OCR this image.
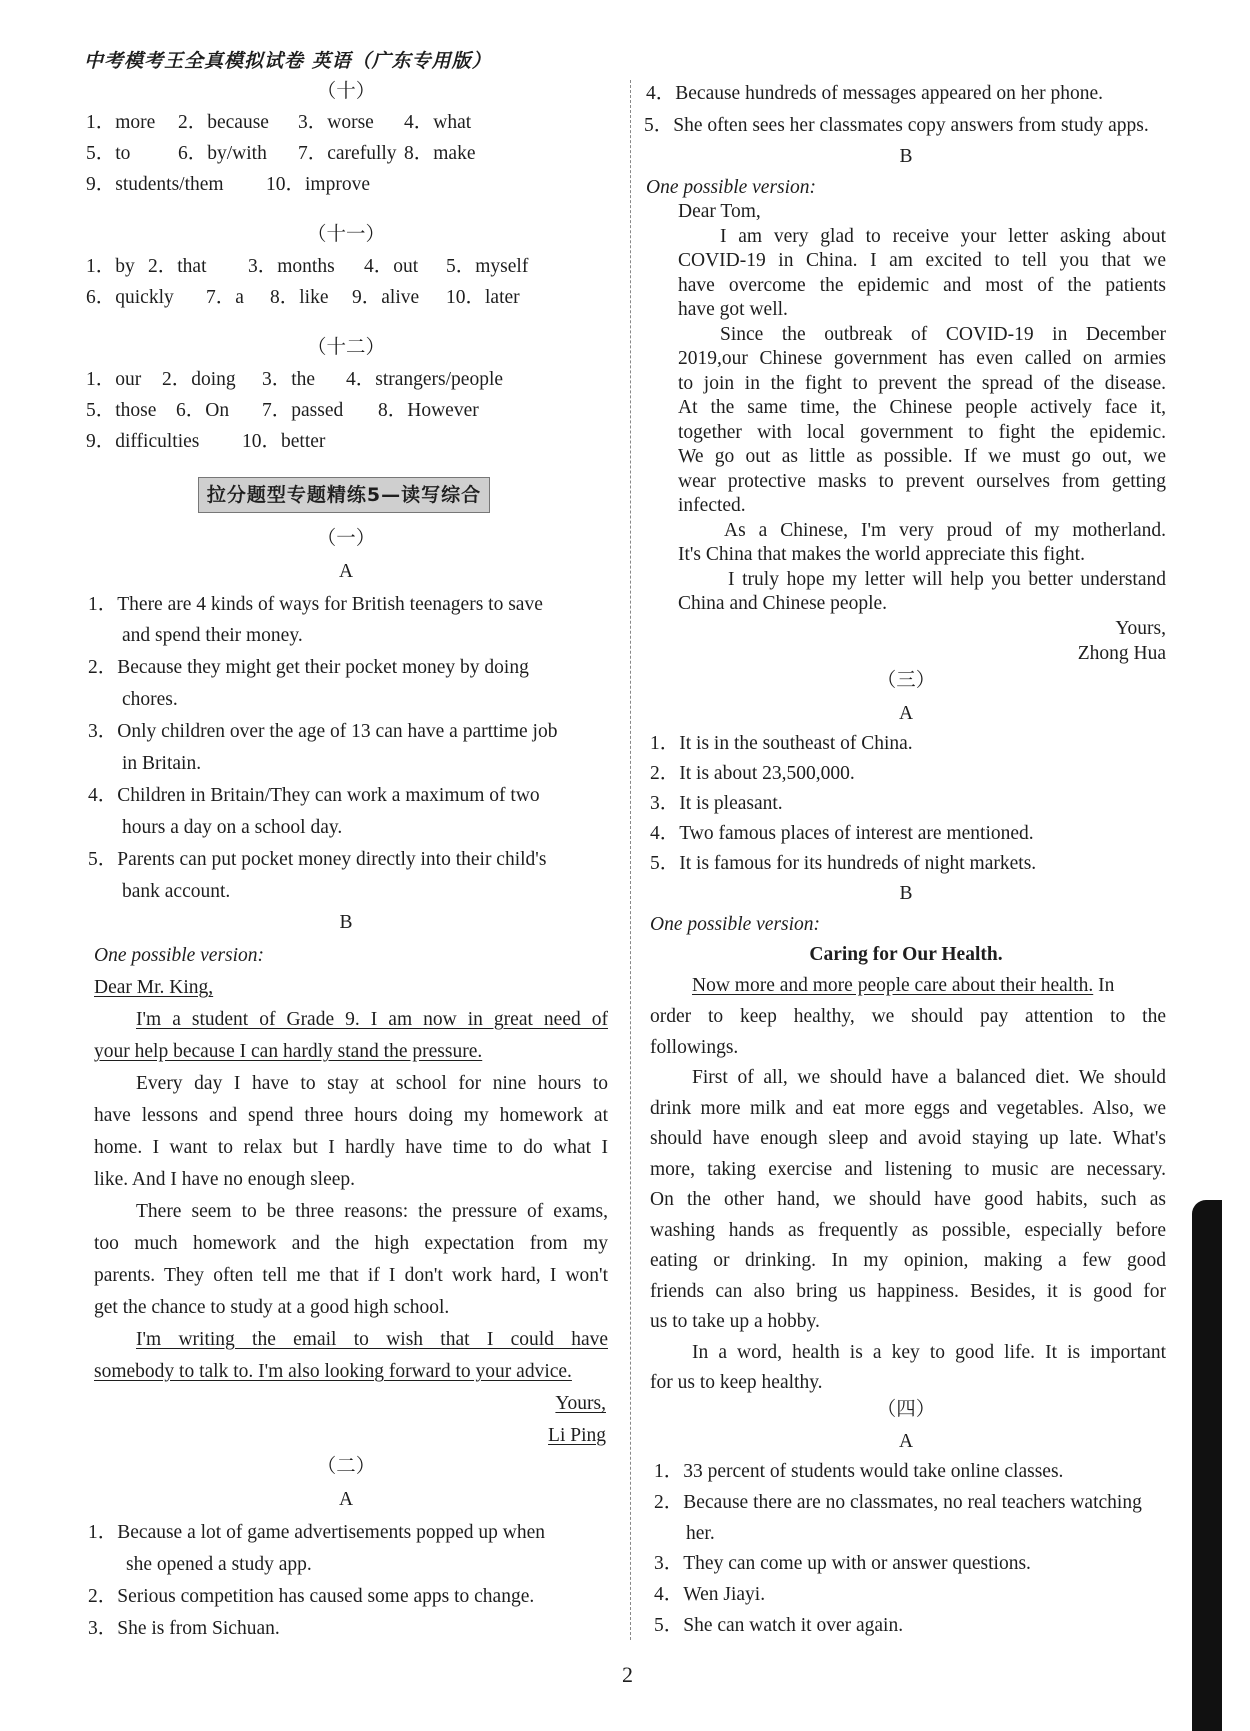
中考模考王全真模拟试卷 英语（广东专用版）
（十）
1．more 2．because 3．worse 4．what
5．to 6．by/with 7．carefully 8．make
9．students/them 10．improve
（十一）
1．by 2．that 3．months 4．out 5．myself
6．quickly 7．a 8．like 9．alive 10．later
（十二）
1．our 2．doing 3．the 4．strangers/people
5．those 6．On 7．passed 8．However
9．difficulties 10．better
拉分题型专题精练5—读写综合
（一）
A
1．There are 4 kinds of ways for British teenagers to save
and spend their money.
2．Because they might get their pocket money by doing
chores.
3．Only children over the age of 13 can have a parttime job
in Britain.
4．Children in Britain/They can work a maximum of two
hours a day on a school day.
5．Parents can put pocket money directly into their child's
bank account.
B
One possible version:
Dear Mr. King,
I'm a student of Grade 9. I am now in great need of
your help because I can hardly stand the pressure.
Every day I have to stay at school for nine hours to
have lessons and spend three hours doing my homework at
home. I want to relax but I hardly have time to do what I
like. And I have no enough sleep.
There seem to be three reasons: the pressure of exams,
too much homework and the high expectation from my
parents. They often tell me that if I don't work hard, I won't
get the chance to study at a good high school.
I'm writing the email to wish that I could have
somebody to talk to. I'm also looking forward to your advice.
Yours,
Li Ping
（二）
A
1．Because a lot of game advertisements popped up when
she opened a study app.
2．Serious competition has caused some apps to change.
3．She is from Sichuan.
4．Because hundreds of messages appeared on her phone.
5．She often sees her classmates copy answers from study apps.
B
One possible version:
Dear Tom,
I am very glad to receive your letter asking about
COVID-19 in China. I am excited to tell you that we
have overcome the epidemic and most of the patients
have got well.
Since the outbreak of COVID-19 in December
2019,our Chinese government has even called on armies
to join in the fight to prevent the spread of the disease.
At the same time, the Chinese people actively face it,
together with local government to fight the epidemic.
We go out as little as possible. If we must go out, we
wear protective masks to prevent ourselves from getting
infected.
As a Chinese, I'm very proud of my motherland.
It's China that makes the world appreciate this fight.
I truly hope my letter will help you better understand
China and Chinese people.
Yours,
Zhong Hua
（三）
A
1．It is in the southeast of China.
2．It is about 23,500,000.
3．It is pleasant.
4．Two famous places of interest are mentioned.
5．It is famous for its hundreds of night markets.
B
One possible version:
Caring for Our Health.
Now more and more people care about their health. In
order to keep healthy, we should pay attention to the
followings.
First of all, we should have a balanced diet. We should
drink more milk and eat more eggs and vegetables. Also, we
should have enough sleep and avoid staying up late. What's
more, taking exercise and listening to music are necessary.
On the other hand, we should have good habits, such as
washing hands as frequently as possible, especially before
eating or drinking. In my opinion, making a few good
friends can also bring us happiness. Besides, it is good for
us to take up a hobby.
In a word, health is a key to good life. It is important
for us to keep healthy.
（四）
A
1．33 percent of students would take online classes.
2．Because there are no classmates, no real teachers watching
her.
3．They can come up with or answer questions.
4．Wen Jiayi.
5．She can watch it over again.
2
